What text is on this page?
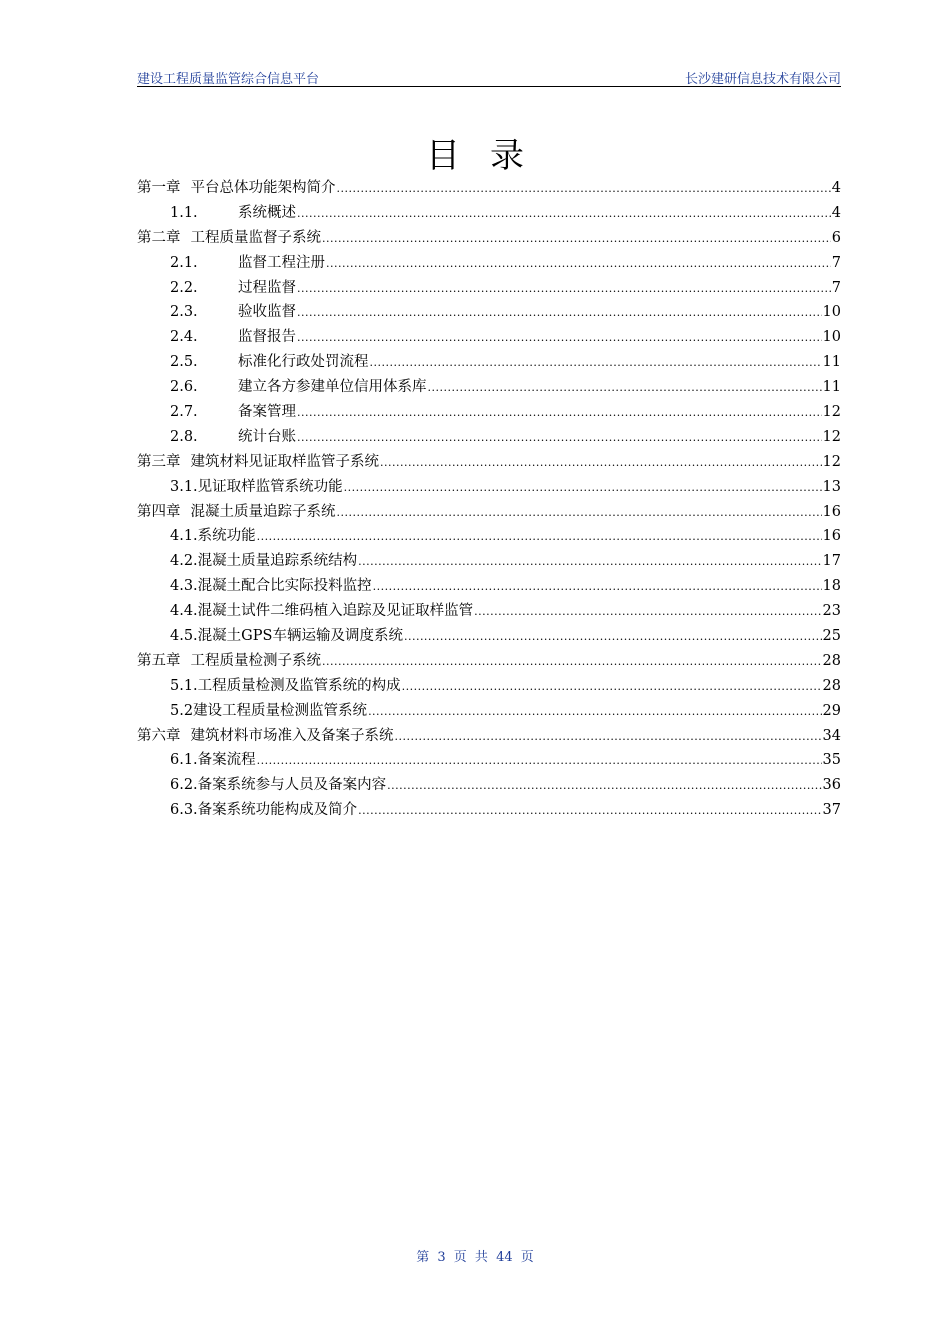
建设工程质量监管综合信息平台	长沙建研信息技术有限公司
目录
第一章 平台总体功能架构简介 .....	4
1.1.	系统概述 .....	4
第二章 工程质量监督子系统 .....	6
2.1.	监督工程注册 .....	7
2.2.	过程监督 .....	7
2.3.	验收监督 .....	10
2.4.	监督报告 .....	10
2.5.	标准化行政处罚流程 .....	11
2.6.	建立各方参建单位信用体系库 .....	11
2.7.	备案管理 .....	12
2.8.	统计台账 .....	12
第三章 建筑材料见证取样监管子系统 .....	12
3.1. 见证取样监管系统功能 .....	13
第四章 混凝土质量追踪子系统 .....	16
4.1. 系统功能 .....	16
4.2. 混凝土质量追踪系统结构 .....	17
4.3. 混凝土配合比实际投料监控 .....	18
4.4. 混凝土试件二维码植入追踪及见证取样监管 .....	23
4.5. 混凝土GPS车辆运输及调度系统 .....	25
第五章 工程质量检测子系统 .....	28
5.1. 工程质量检测及监管系统的构成 .....	28
5.2 建设工程质量检测监管系统 .....	29
第六章 建筑材料市场准入及备案子系统 .....	34
6.1. 备案流程 .....	35
6.2. 备案系统参与人员及备案内容 .....	36
6.3. 备案系统功能构成及简介 .....	37
第 3 页 共 44 页
